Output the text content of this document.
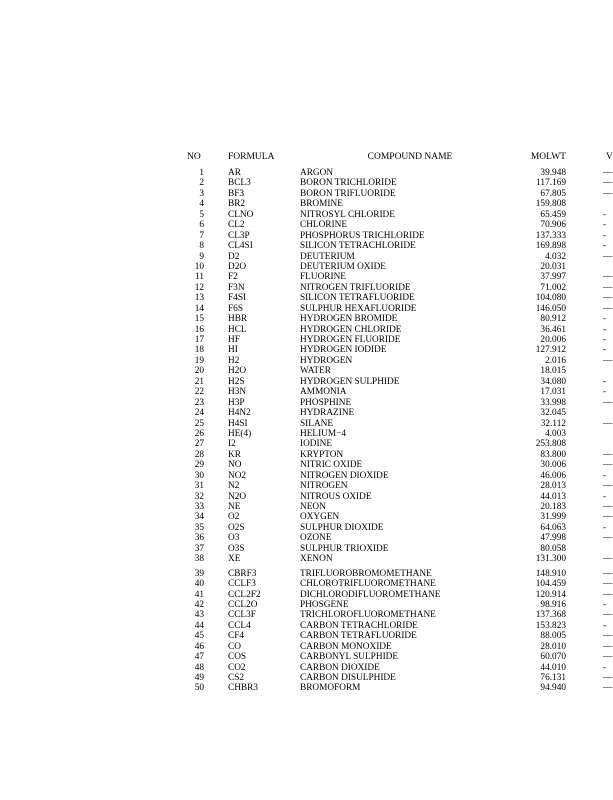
NO	FORMULA	COMPOUND NAME	MOLWT	V
1	AR	ARGON	39.948	—
2	BCL3	BORON TRICHLORIDE	117.169	—
3	BF3	BORON TRIFLUORIDE	67.805	—
4	BR2	BROMINE	159.808
5	CLNO	NITROSYL CHLORIDE	65.459	-
6	CL2	CHLORINE	70.906	-
7	CL3P	PHOSPHORUS TRICHLORIDE	137.333	-
8	CL4SI	SILICON TETRACHLORIDE	169.898	-
9	D2	DEUTERIUM	4.032	—
10	D2O	DEUTERIUM OXIDE	20.031
11	F2	FLUORINE	37.997	—
12	F3N	NITROGEN TRIFLUORIDE	71.002	—
13	F4SI	SILICON TETRAFLUORIDE	104.080	—
14	F6S	SULPHUR HEXAFLUORIDE	146.050	—
15	HBR	HYDROGEN BROMIDE	80.912	-
16	HCL	HYDROGEN CHLORIDE	36.461	-
17	HF	HYDROGEN FLUORIDE	20.006	-
18	HI	HYDROGEN IODIDE	127.912	-
19	H2	HYDROGEN	2.016	—
20	H2O	WATER	18.015
21	H2S	HYDROGEN SULPHIDE	34.080	-
22	H3N	AMMONIA	17.031	-
23	H3P	PHOSPHINE	33.998	—
24	H4N2	HYDRAZINE	32.045
25	H4SI	SILANE	32.112	—
26	HE(4)	HELIUM−4	4.003
27	I2	IODINE	253.808
28	KR	KRYPTON	83.800	—
29	NO	NITRIC OXIDE	30.006	—
30	NO2	NITROGEN DIOXIDE	46.006	-
31	N2	NITROGEN	28.013	—
32	N2O	NITROUS OXIDE	44.013	-
33	NE	NEON	20.183	—
34	O2	OXYGEN	31.999	—
35	O2S	SULPHUR DIOXIDE	64.063	-
36	O3	OZONE	47.998	—
37	O3S	SULPHUR TRIOXIDE	80.058
38	XE	XENON	131.300	—
39	CBRF3	TRIFLUOROBROMOMETHANE	148.910	—
40	CCLF3	CHLOROTRIFLUOROMETHANE	104.459	—
41	CCL2F2	DICHLORODIFLUOROMETHANE	120.914	—
42	CCL2O	PHOSGENE	98.916	-
43	CCL3F	TRICHLOROFLUOROMETHANE	137.368	—
44	CCL4	CARBON TETRACHLORIDE	153.823	-
45	CF4	CARBON TETRAFLUORIDE	88.005	—
46	CO	CARBON MONOXIDE	28.010	—
47	COS	CARBONYL SULPHIDE	60.070	—
48	CO2	CARBON DIOXIDE	44.010	-
49	CS2	CARBON DISULPHIDE	76.131	—
50	CHBR3	BROMOFORM	94.940	—
